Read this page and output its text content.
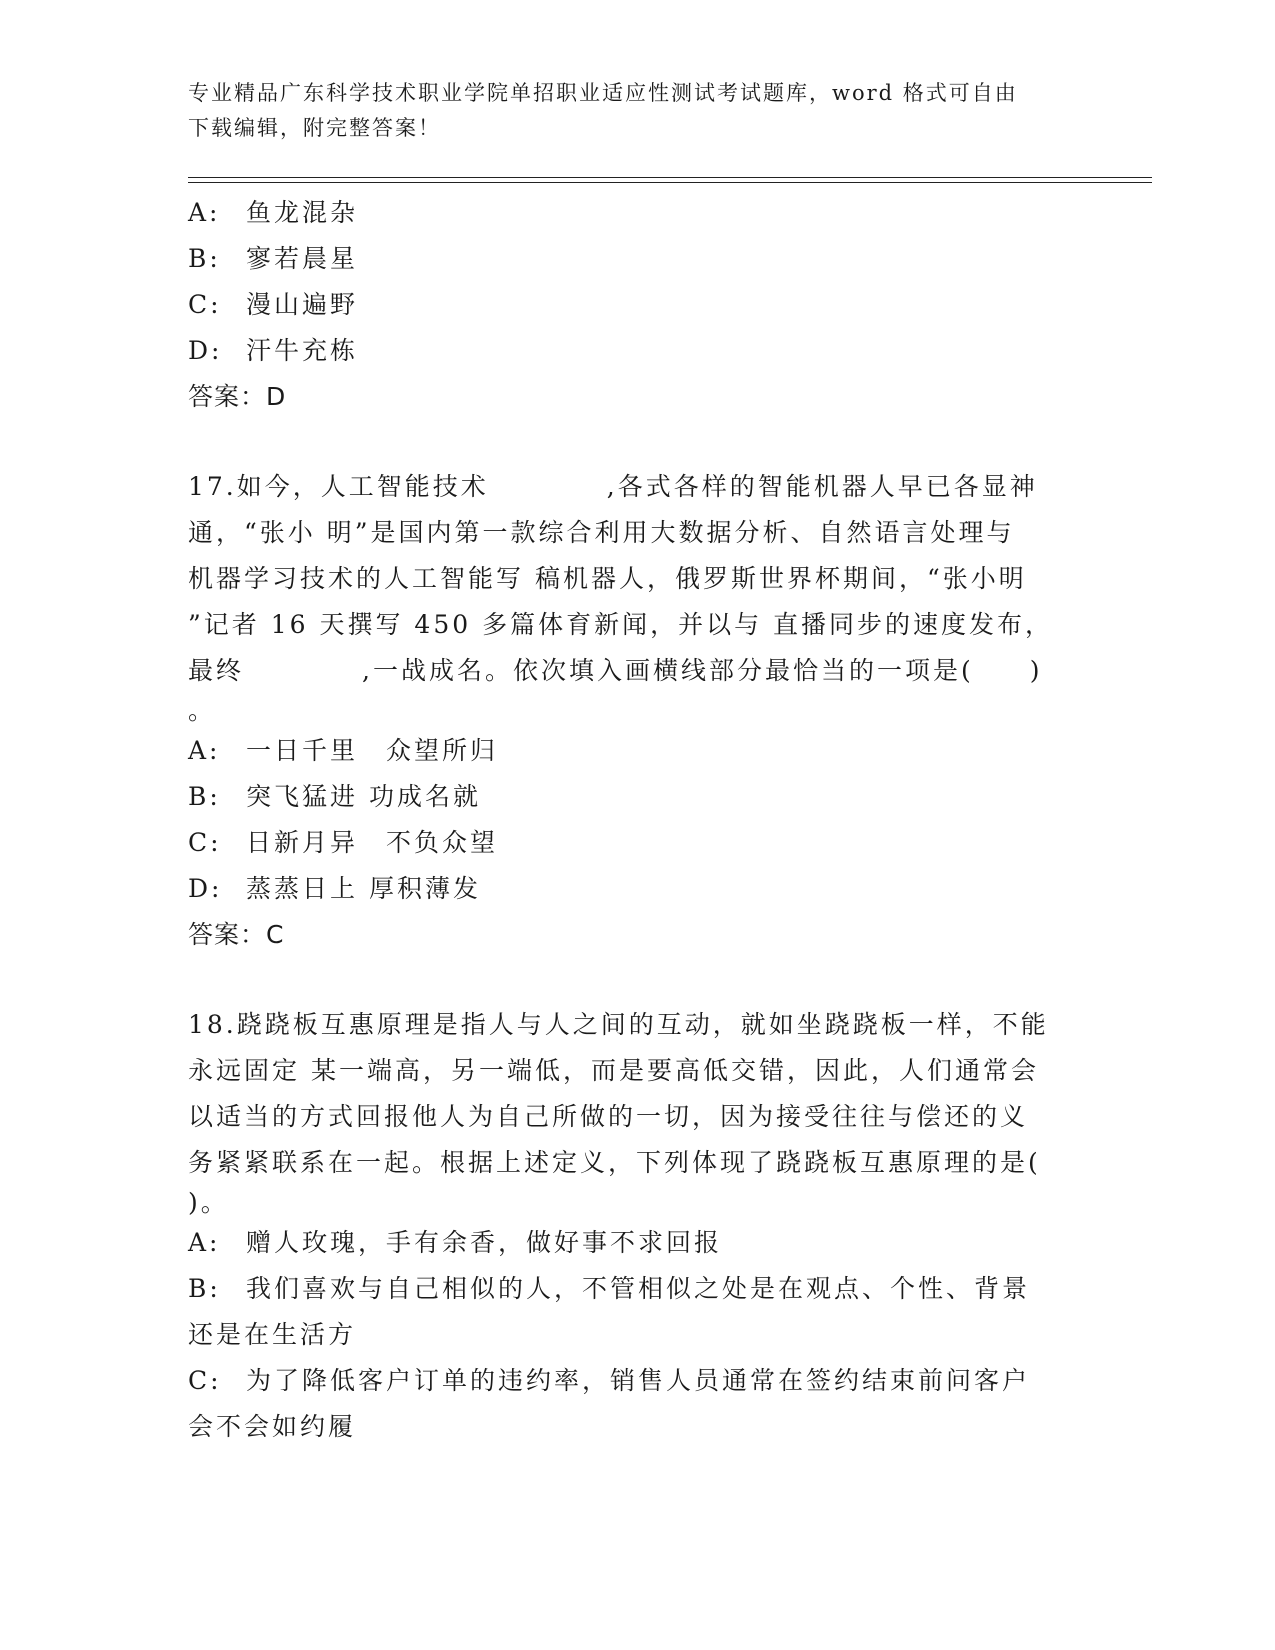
专业精品广东科学技术职业学院单招职业适应性测试考试题库，word 格式可自由
下载编辑，附完整答案！
A: 鱼龙混杂
B: 寥若晨星
C: 漫山遍野
D: 汗牛充栋
答案：D
17.如今，人工智能技术	,各式各样的智能机器人早已各显神
通，“张小 明”是国内第一款综合利用大数据分析、自然语言处理与
机器学习技术的人工智能写 稿机器人，俄罗斯世界杯期间，“张小明
”记者 16 天撰写 450 多篇体育新闻，并以与 直播同步的速度发布，
最终	,一战成名。依次填入画横线部分最恰当的一项是(　　)
。
A: 一日千里　众望所归
B: 突飞猛进 功成名就
C: 日新月异　不负众望
D: 蒸蒸日上 厚积薄发
答案：C
18.跷跷板互惠原理是指人与人之间的互动，就如坐跷跷板一样，不能
永远固定 某一端高，另一端低，而是要高低交错，因此，人们通常会
以适当的方式回报他人为自己所做的一切，因为接受往往与偿还的义
务紧紧联系在一起。根据上述定义，下列体现了跷跷板互惠原理的是(
)。
A: 赠人玫瑰，手有余香，做好事不求回报
B: 我们喜欢与自己相似的人，不管相似之处是在观点、个性、背景
还是在生活方
C: 为了降低客户订单的违约率，销售人员通常在签约结束前问客户
会不会如约履
